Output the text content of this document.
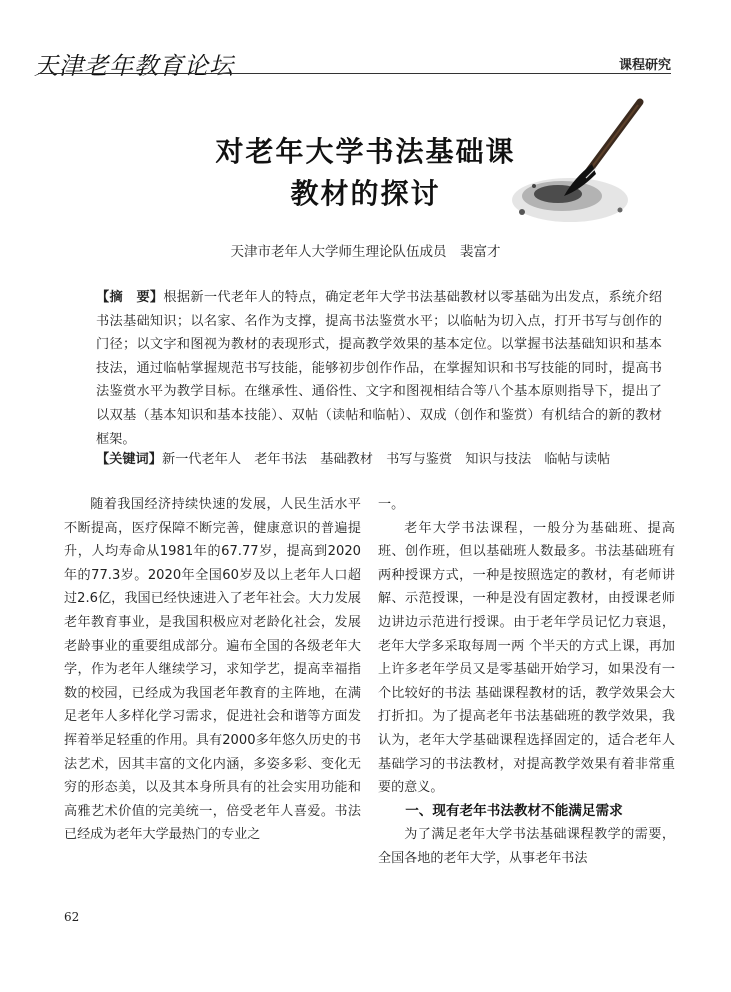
天津老年教育论坛	课程研究
对老年大学书法基础课
教材的探讨
天津市老年人大学师生理论队伍成员　裴富才
【摘　要】根据新一代老年人的特点，确定老年大学书法基础教材以零基础为出发点，系统介绍书法基础知识；以名家、名作为支撑，提高书法鉴赏水平；以临帖为切入点，打开书写与创作的门径；以文字和图视为教材的表现形式，提高教学效果的基本定位。以掌握书法基础知识和基本技法，通过临帖掌握规范书写技能，能够初步创作作品，在掌握知识和书写技能的同时，提高书法鉴赏水平为教学目标。在继承性、通俗性、文字和图视相结合等八个基本原则指导下，提出了以双基（基本知识和基本技能）、双帖（读帖和临帖）、双成（创作和鉴赏）有机结合的新的教材框架。
【关键词】新一代老年人　老年书法　基础教材　书写与鉴赏　知识与技法　临帖与读帖

随着我国经济持续快速的发展，人民生活水平不断提高，医疗保障不断完善，健康意识的普遍提升，人均寿命从1981年的67.77岁，提高到2020年的77.3岁。2020年全国60岁及以上老年人口超过2.6亿，我国已经快速进入了老年社会。大力发展老年教育事业，是我国积极应对老龄化社会，发展老龄事业的重要组成部分。遍布全国的各级老年大学，作为老年人继续学习，求知学艺，提高幸福指数的校园，已经成为我国老年教育的主阵地，在满足老年人多样化学习需求，促进社会和谐等方面发挥着举足轻重的作用。具有2000多年悠久历史的书法艺术，因其丰富的文化内涵，多姿多彩、变化无穷的形态美，以及其本身所具有的社会实用功能和高雅艺术价值的完美统一，倍受老年人喜爱。书法已经成为老年大学最热门的专业之

一。

老年大学书法课程，一般分为基础班、提高班、创作班，但以基础班人数最多。书法基础班有两种授课方式，一种是按照选定的教材，有老师讲解、示范授课，一种是没有固定教材，由授课老师边讲边示范进行授课。由于老年学员记忆力衰退，老年大学多采取每周一两 个半天的方式上课，再加上许多老年学员又是零基础开始学习，如果没有一个比较好的书法 基础课程教材的话，教学效果会大打折扣。为了提高老年书法基础班的教学效果，我认为，老年大学基础课程选择固定的，适合老年人基础学习的书法教材，对提高教学效果有着非常重要的意义。

一、现有老年书法教材不能满足需求

为了满足老年大学书法基础课程教学的需要，全国各地的老年大学，从事老年书法

62
